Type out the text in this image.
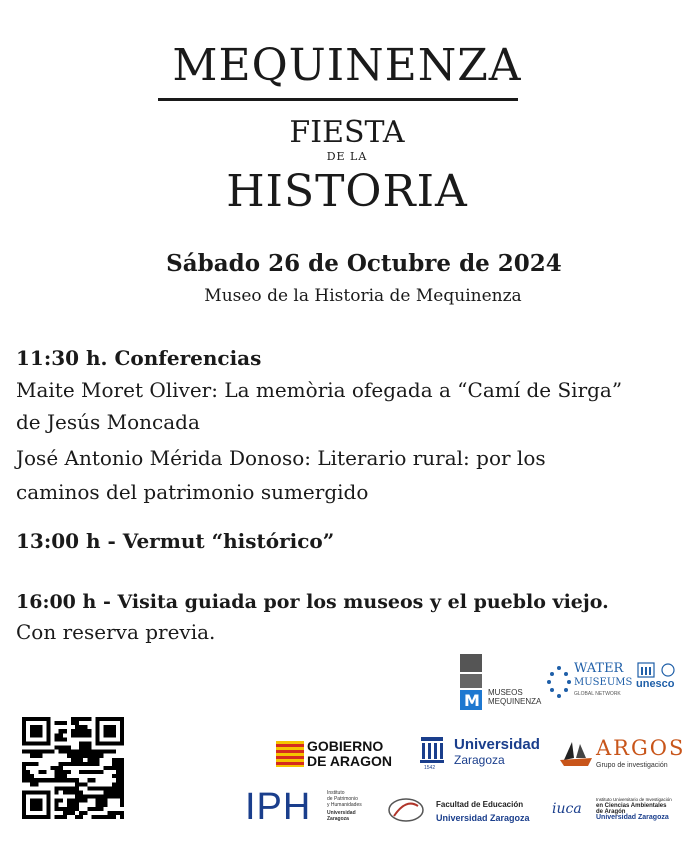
MEQUINENZA
FIESTA
DE LA
HISTORIA
Sábado 26 de Octubre de 2024
Museo de la Historia de Mequinenza
11:30 h. Conferencias
Maite Moret Oliver: La memòria ofegada a “Camí de Sirga”
de Jesús Moncada
José Antonio Mérida Donoso: Literario rural: por los
caminos del patrimonio sumergido
13:00 h - Vermut “histórico”
16:00 h - Visita guiada por los museos y el pueblo viejo.
Con reserva previa.
M MUSEOS
MEQUINENZA
WATER
MUSEUMS
GLOBAL NETWORK
unesco
GOBIERNO
DE ARAGON	1542
Universidad
Zaragoza	ARGOS
Grupo de investigación
IPH	Instituto
de Patrimonio
y Humanidades
Universidad
Zaragoza
Facultad de Educación
Universidad Zaragoza
iuca
Instituto Universitario de Investigación
en Ciencias Ambientales
de Aragón
Universidad Zaragoza
